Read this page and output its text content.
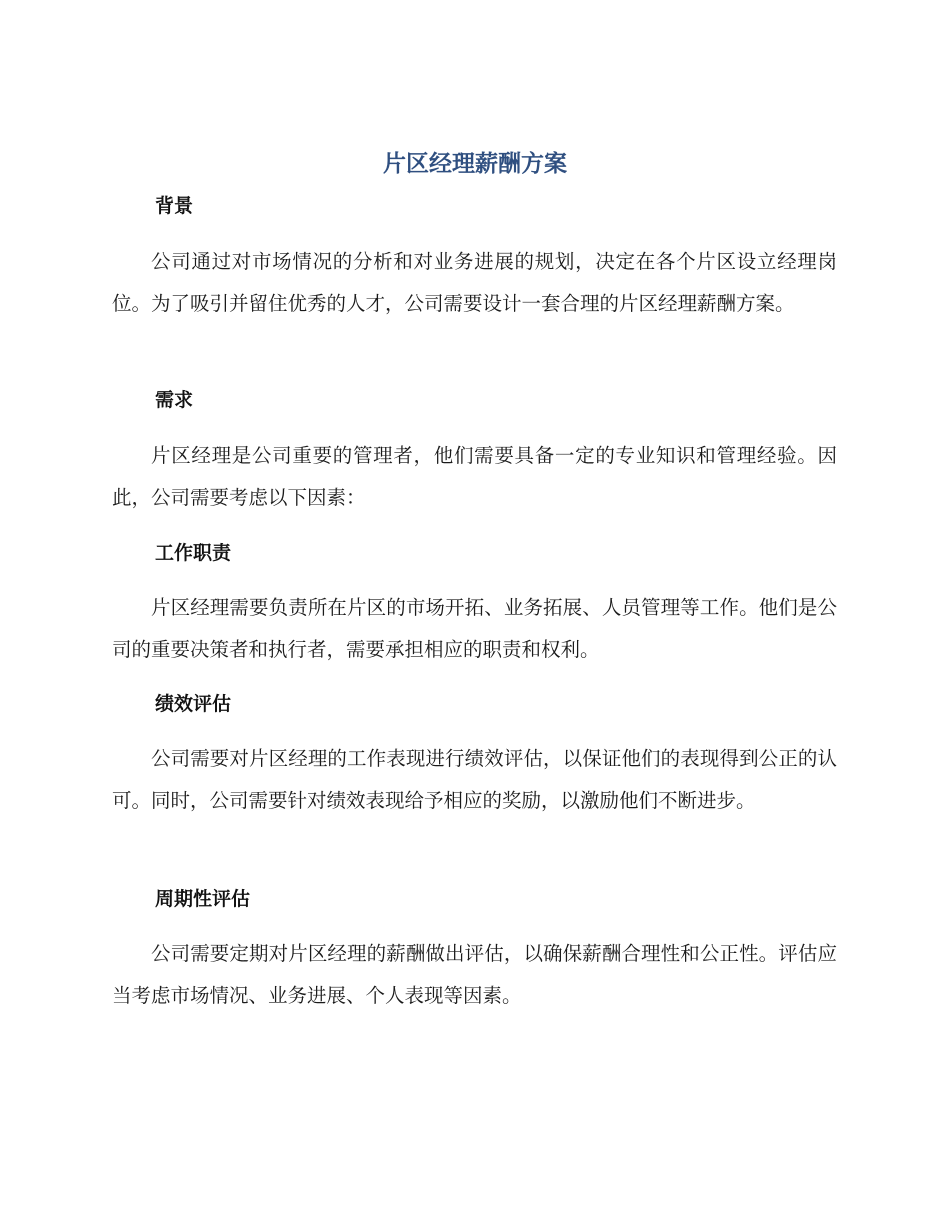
片区经理薪酬方案
背景
公司通过对市场情况的分析和对业务进展的规划，决定在各个片区设立经理岗位。为了吸引并留住优秀的人才，公司需要设计一套合理的片区经理薪酬方案。
需求
片区经理是公司重要的管理者，他们需要具备一定的专业知识和管理经验。因此，公司需要考虑以下因素：
工作职责
片区经理需要负责所在片区的市场开拓、业务拓展、人员管理等工作。他们是公司的重要决策者和执行者，需要承担相应的职责和权利。
绩效评估
公司需要对片区经理的工作表现进行绩效评估，以保证他们的表现得到公正的认可。同时，公司需要针对绩效表现给予相应的奖励，以激励他们不断进步。
周期性评估
公司需要定期对片区经理的薪酬做出评估，以确保薪酬合理性和公正性。评估应当考虑市场情况、业务进展、个人表现等因素。
